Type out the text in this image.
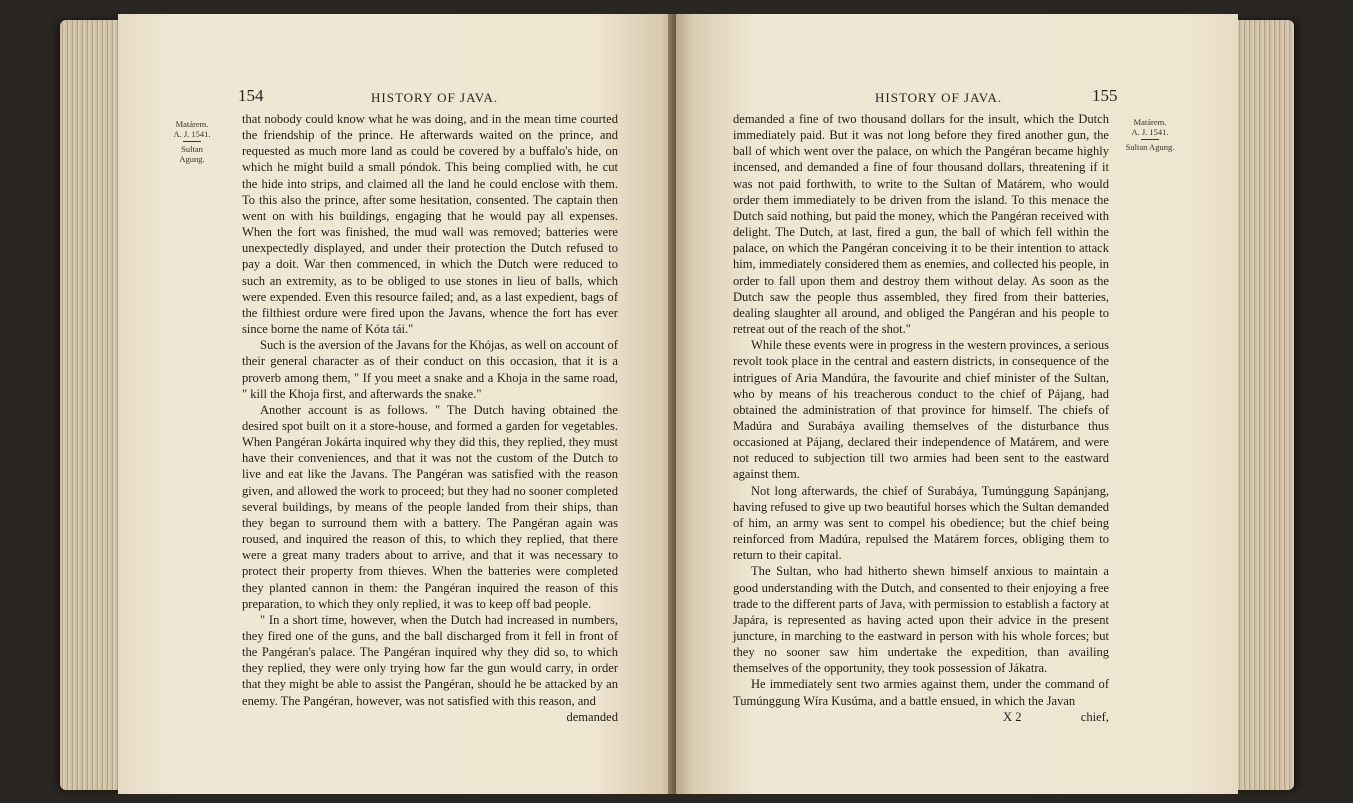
154	HISTORY OF JAVA.
Matárem.
A. J. 1541.
Sultan Agung.

that nobody could know what he was doing, and in the mean time courted the friendship of the prince. He afterwards waited on the prince, and requested as much more land as could be covered by a buffalo's hide, on which he might build a small póndok. This being complied with, he cut the hide into strips, and claimed all the land he could enclose with them. To this also the prince, after some hesitation, consented. The captain then went on with his buildings, engaging that he would pay all expenses. When the fort was finished, the mud wall was removed; batteries were unexpectedly displayed, and under their protection the Dutch refused to pay a doit. War then commenced, in which the Dutch were reduced to such an extremity, as to be obliged to use stones in lieu of balls, which were expended. Even this resource failed; and, as a last expedient, bags of the filthiest ordure were fired upon the Javans, whence the fort has ever since borne the name of Kóta tái."

Such is the aversion of the Javans for the Khójas, as well on account of their general character as of their conduct on this occasion, that it is a proverb among them, " If you meet a snake and a Khoja in the same road, " kill the Khoja first, and afterwards the snake."

Another account is as follows. " The Dutch having obtained the desired spot built on it a store-house, and formed a garden for vegetables. When Pangéran Jokárta inquired why they did this, they replied, they must have their conveniences, and that it was not the custom of the Dutch to live and eat like the Javans. The Pangéran was satisfied with the reason given, and allowed the work to proceed; but they had no sooner completed several buildings, by means of the people landed from their ships, than they began to surround them with a battery. The Pangéran again was roused, and inquired the reason of this, to which they replied, that there were a great many traders about to arrive, and that it was necessary to protect their property from thieves. When the batteries were completed they planted cannon in them: the Pangéran inquired the reason of this preparation, to which they only replied, it was to keep off bad people.

" In a short time, however, when the Dutch had increased in numbers, they fired one of the guns, and the ball discharged from it fell in front of the Pangéran's palace. The Pangéran inquired why they did so, to which they replied, they were only trying how far the gun would carry, in order that they might be able to assist the Pangéran, should he be attacked by an enemy. The Pangéran, however, was not satisfied with this reason, and

demanded

HISTORY OF JAVA.	155
Matárem.
A. J. 1541.
Sultan Agung.

demanded a fine of two thousand dollars for the insult, which the Dutch immediately paid. But it was not long before they fired another gun, the ball of which went over the palace, on which the Pangéran became highly incensed, and demanded a fine of four thousand dollars, threatening if it was not paid forthwith, to write to the Sultan of Matárem, who would order them immediately to be driven from the island. To this menace the Dutch said nothing, but paid the money, which the Pangéran received with delight. The Dutch, at last, fired a gun, the ball of which fell within the palace, on which the Pangéran conceiving it to be their intention to attack him, immediately considered them as enemies, and collected his people, in order to fall upon them and destroy them without delay. As soon as the Dutch saw the people thus assembled, they fired from their batteries, dealing slaughter all around, and obliged the Pangéran and his people to retreat out of the reach of the shot."

While these events were in progress in the western provinces, a serious revolt took place in the central and eastern districts, in consequence of the intrigues of Aria Mandúra, the favourite and chief minister of the Sultan, who by means of his treacherous conduct to the chief of Pájang, had obtained the administration of that province for himself. The chiefs of Madúra and Surabáya availing themselves of the disturbance thus occasioned at Pájang, declared their independence of Matárem, and were not reduced to subjection till two armies had been sent to the eastward against them.

Not long afterwards, the chief of Surabáya, Tumúnggung Sapánjang, having refused to give up two beautiful horses which the Sultan demanded of him, an army was sent to compel his obedience; but the chief being reinforced from Madúra, repulsed the Matárem forces, obliging them to return to their capital.

The Sultan, who had hitherto shewn himself anxious to maintain a good understanding with the Dutch, and consented to their enjoying a free trade to the different parts of Java, with permission to establish a factory at Japára, is represented as having acted upon their advice in the present juncture, in marching to the eastward in person with his whole forces; but they no sooner saw him undertake the expedition, than availing themselves of the opportunity, they took possession of Jákatra.

He immediately sent two armies against them, under the command of Tumúnggung Wíra Kusúma, and a battle ensued, in which the Javan

X 2	chief,
